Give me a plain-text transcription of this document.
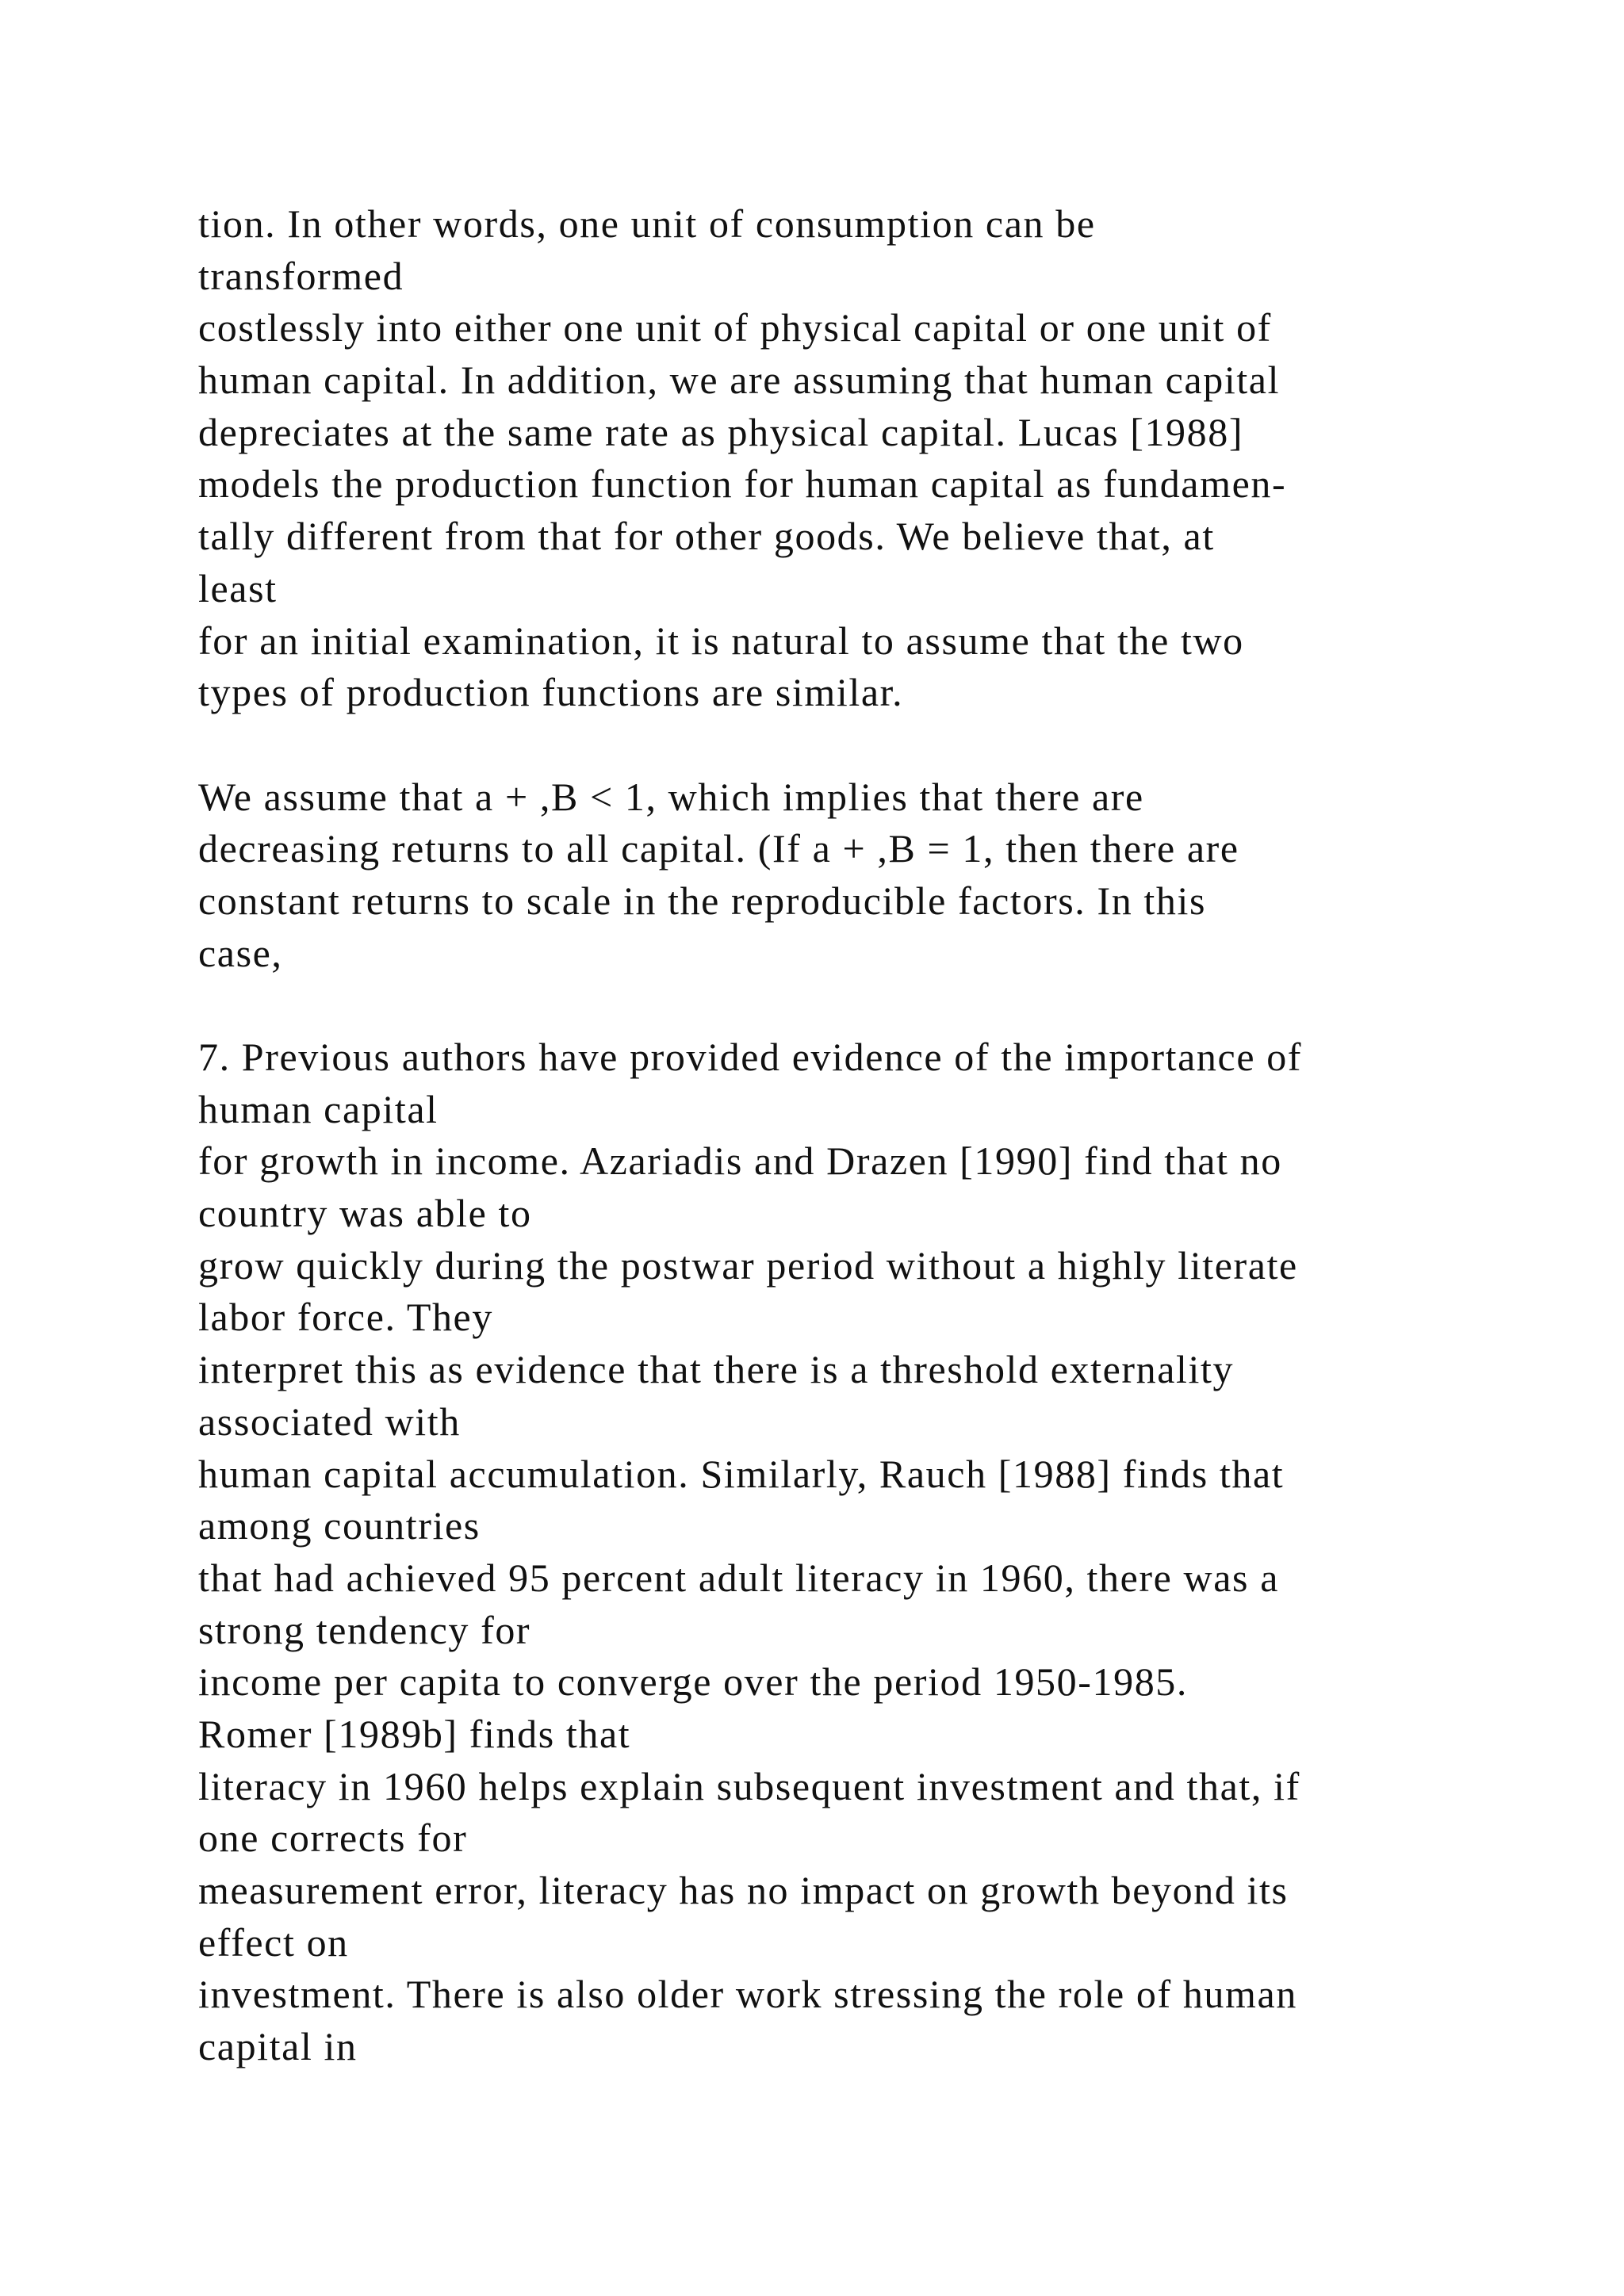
tion. In other words, one unit of consumption can be
transformed
costlessly into either one unit of physical capital or one unit of
human capital. In addition, we are assuming that human capital
depreciates at the same rate as physical capital. Lucas [1988]
models the production function for human capital as fundamen-
tally different from that for other goods. We believe that, at
least
for an initial examination, it is natural to assume that the two
types of production functions are similar.
We assume that a + ,B < 1, which implies that there are
decreasing returns to all capital. (If a + ,B = 1, then there are
constant returns to scale in the reproducible factors. In this
case,
7. Previous authors have provided evidence of the importance of
human capital
for growth in income. Azariadis and Drazen [1990] find that no
country was able to
grow quickly during the postwar period without a highly literate
labor force. They
interpret this as evidence that there is a threshold externality
associated with
human capital accumulation. Similarly, Rauch [1988] finds that
among countries
that had achieved 95 percent adult literacy in 1960, there was a
strong tendency for
income per capita to converge over the period 1950-1985.
Romer [1989b] finds that
literacy in 1960 helps explain subsequent investment and that, if
one corrects for
measurement error, literacy has no impact on growth beyond its
effect on
investment. There is also older work stressing the role of human
capital in
